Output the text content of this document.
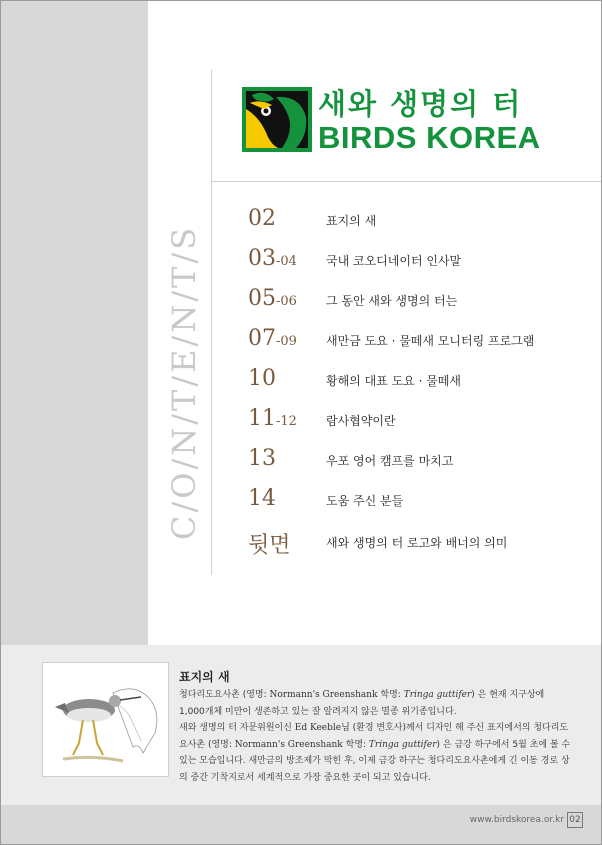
새와 생명의 터
BIRDS KOREA
C/O/N/T/E/N/T/S
02	표지의 새
03-04 국내 코오디네이터 인사말
05-06 그 동안 새와 생명의 터는
07-09 새만금 도요 · 물떼새 모니터링 프로그램
10	황해의 대표 도요 · 물떼새
11-12 람사협약이란
13	우포 영어 캠프를 마치고
14	도움 주신 분들
뒷면	새와 생명의 터 로고와 배너의 의미
표지의 새

청다리도요사촌 (영명: Normann's Greenshank 학명: Tringa guttifer) 은 현재 지구상에 1,000개체 미만이 생존하고 있는 잘 알려지지 않은 멸종 위기종입니다.

새와 생명의 터 자문위원이신 Ed Keeble님 (환경 변호사)께서 디자인 해 주신 표지에서의 청다리도요사촌 (영명: Normann's Greenshank 학명: Tringa guttifer) 은 금강 하구에서 5월 초에 볼 수 있는 모습입니다. 새만금의 방조제가 막힌 후, 이제 금강 하구는 청다리도요사촌에게 긴 이동 경로 상의 중간 기착지로서 세계적으로 가장 중요한 곳이 되고 있습니다.

www.birdskorea.or.kr 02
